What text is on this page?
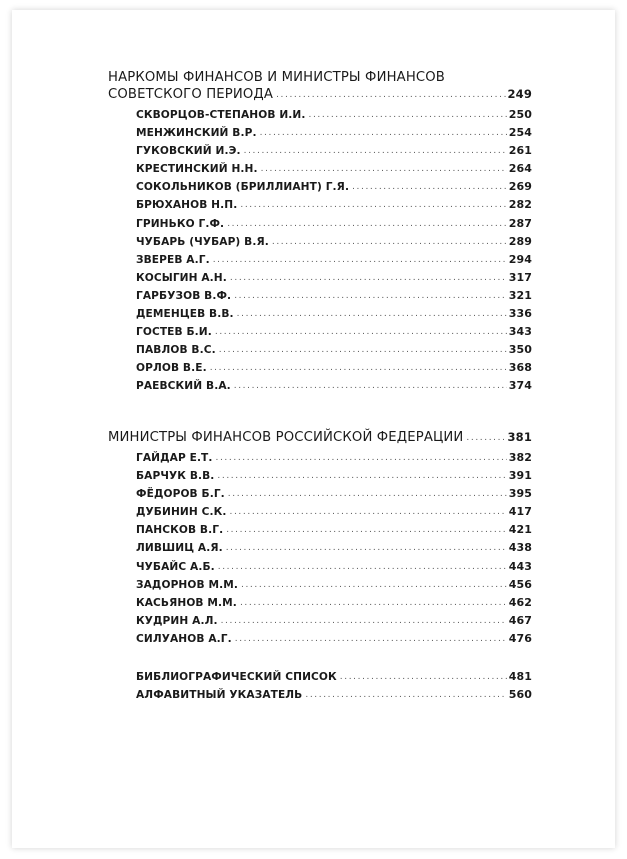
НАРКОМЫ ФИНАНСОВ И МИНИСТРЫ ФИНАНСОВ
СОВЕТСКОГО ПЕРИОДА .....	249
СКВОРЦОВ-СТЕПАНОВ И.И. .....	250
МЕНЖИНСКИЙ В.Р. .....	254
ГУКОВСКИЙ И.Э. .....	261
КРЕСТИНСКИЙ Н.Н. .....	264
СОКОЛЬНИКОВ (БРИЛЛИАНТ) Г.Я. .....	269
БРЮХАНОВ Н.П. .....	282
ГРИНЬКО Г.Ф. .....	287
ЧУБАРЬ (ЧУБАР) В.Я. .....	289
ЗВЕРЕВ А.Г. .....	294
КОСЫГИН А.Н. .....	317
ГАРБУЗОВ В.Ф. .....	321
ДЕМЕНЦЕВ В.В. .....	336
ГОСТЕВ Б.И. .....	343
ПАВЛОВ В.С. .....	350
ОРЛОВ В.Е. .....	368
РАЕВСКИЙ В.А. .....	374
МИНИСТРЫ ФИНАНСОВ РОССИЙСКОЙ ФЕДЕРАЦИИ .....	381
ГАЙДАР Е.Т. .....	382
БАРЧУК В.В. .....	391
ФЁДОРОВ Б.Г. .....	395
ДУБИНИН С.К. .....	417
ПАНСКОВ В.Г. .....	421
ЛИВШИЦ А.Я. .....	438
ЧУБАЙС А.Б. .....	443
ЗАДОРНОВ М.М. .....	456
КАСЬЯНОВ М.М. .....	462
КУДРИН А.Л. .....	467
СИЛУАНОВ А.Г. .....	476
БИБЛИОГРАФИЧЕСКИЙ СПИСОК .....	481
АЛФАВИТНЫЙ УКАЗАТЕЛЬ .....	560
